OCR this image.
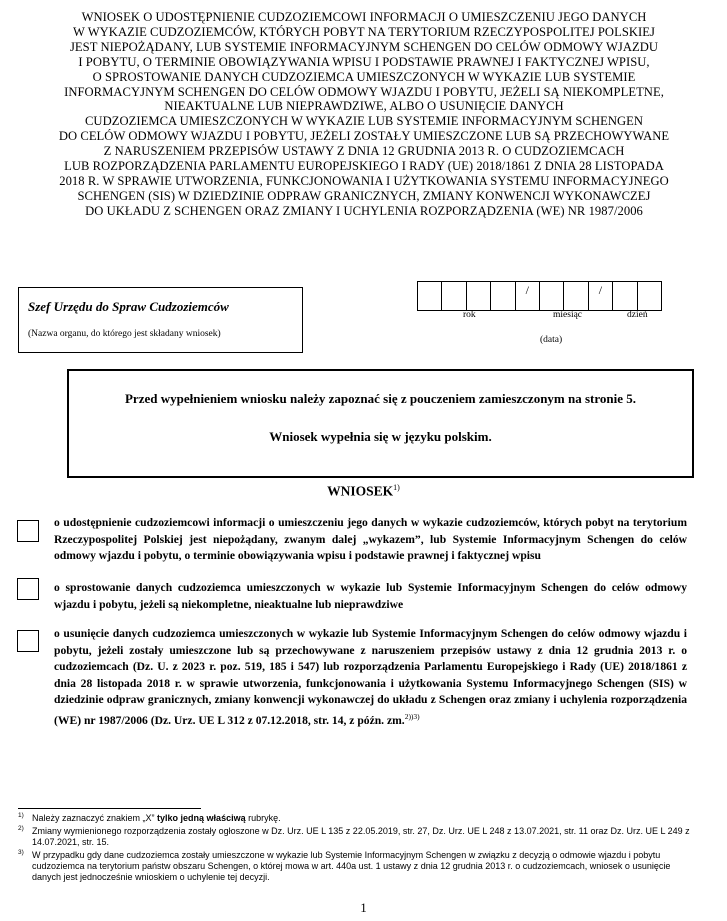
WNIOSEK O UDOSTĘPNIENIE CUDZOZIEMCOWI INFORMACJI O UMIESZCZENIU JEGO DANYCH
W WYKAZIE CUDZOZIEMCÓW, KTÓRYCH POBYT NA TERYTORIUM RZECZYPOSPOLITEJ POLSKIEJ
JEST NIEPOŻĄDANY, LUB SYSTEMIE INFORMACYJNYM SCHENGEN DO CELÓW ODMOWY WJAZDU
I POBYTU, O TERMINIE OBOWIĄZYWANIA WPISU I PODSTAWIE PRAWNEJ I FAKTYCZNEJ WPISU,
O SPROSTOWANIE DANYCH CUDZOZIEMCA UMIESZCZONYCH W WYKAZIE LUB SYSTEMIE
INFORMACYJNYM SCHENGEN DO CELÓW ODMOWY WJAZDU I POBYTU, JEŻELI SĄ NIEKOMPLETNE,
NIEAKTUALNE LUB NIEPRAWDZIWE, ALBO O USUNIĘCIE DANYCH
CUDZOZIEMCA UMIESZCZONYCH W WYKAZIE LUB SYSTEMIE INFORMACYJNYM SCHENGEN
DO CELÓW ODMOWY WJAZDU I POBYTU, JEŻELI ZOSTAŁY UMIESZCZONE LUB SĄ PRZECHOWYWANE
Z NARUSZENIEM PRZEPISÓW USTAWY Z DNIA 12 GRUDNIA 2013 R. O CUDZOZIEMCACH
LUB ROZPORZĄDZENIA PARLAMENTU EUROPEJSKIEGO I RADY (UE) 2018/1861 Z DNIA 28 LISTOPADA
2018 R. W SPRAWIE UTWORZENIA, FUNKCJONOWANIA I UŻYTKOWANIA SYSTEMU INFORMACYJNEGO
SCHENGEN (SIS) W DZIEDZINIE ODPRAW GRANICZNYCH, ZMIANY KONWENCJI WYKONAWCZEJ
DO UKŁADU Z SCHENGEN ORAZ ZMIANY I UCHYLENIA ROZPORZĄDZENIA (WE) NR 1987/2006
Szef Urzędu do Spraw Cudzoziemców
(Nazwa organu, do którego jest składany wniosek)
/	/
rok	miesiąc	dzień
(data)
Przed wypełnieniem wniosku należy zapoznać się z pouczeniem zamieszczonym na stronie 5.
Wniosek wypełnia się w języku polskim.
WNIOSEK$^{1)}$
o udostępnienie cudzoziemcowi informacji o umieszczeniu jego danych w wykazie cudzoziemców, których pobyt na terytorium Rzeczypospolitej Polskiej jest niepożądany, zwanym dalej „wykazem”, lub Systemie Informacyjnym Schengen do celów odmowy wjazdu i pobytu, o terminie obowiązywania wpisu i podstawie prawnej i faktycznej wpisu
o sprostowanie danych cudzoziemca umieszczonych w wykazie lub Systemie Informacyjnym Schengen do celów odmowy wjazdu i pobytu, jeżeli są niekompletne, nieaktualne lub nieprawdziwe
o usunięcie danych cudzoziemca umieszczonych w wykazie lub Systemie Informacyjnym Schengen do celów odmowy wjazdu i pobytu, jeżeli zostały umieszczone lub są przechowywane z naruszeniem przepisów ustawy z dnia 12 grudnia 2013 r. o cudzoziemcach (Dz. U. z 2023 r. poz. 519, 185 i 547) lub rozporządzenia Parlamentu Europejskiego i Rady (UE) 2018/1861 z dnia 28 listopada 2018 r. w sprawie utworzenia, funkcjonowania i użytkowania Systemu Informacyjnego Schengen (SIS) w dziedzinie odpraw granicznych, zmiany konwencji wykonawczej do układu z Schengen oraz zmiany i uchylenia rozporządzenia (WE) nr 1987/2006 (Dz. Urz. UE L 312 z 07.12.2018, str. 14, z późn. zm.$^{2))3)}$
1) Należy zaznaczyć znakiem „X” tylko jedną właściwą rubrykę.
2) Zmiany wymienionego rozporządzenia zostały ogłoszone w Dz. Urz. UE L 135 z 22.05.2019, str. 27, Dz. Urz. UE L 248 z 13.07.2021, str. 11 oraz Dz. Urz. UE L 249 z 14.07.2021, str. 15.
3) W przypadku gdy dane cudzoziemca zostały umieszczone w wykazie lub Systemie Informacyjnym Schengen w związku z decyzją o odmowie wjazdu i pobytu cudzoziemca na terytorium państw obszaru Schengen, o której mowa w art. 440a ust. 1 ustawy z dnia 12 grudnia 2013 r. o cudzoziemcach, wniosek o usunięcie danych jest jednocześnie wnioskiem o uchylenie tej decyzji.
1
